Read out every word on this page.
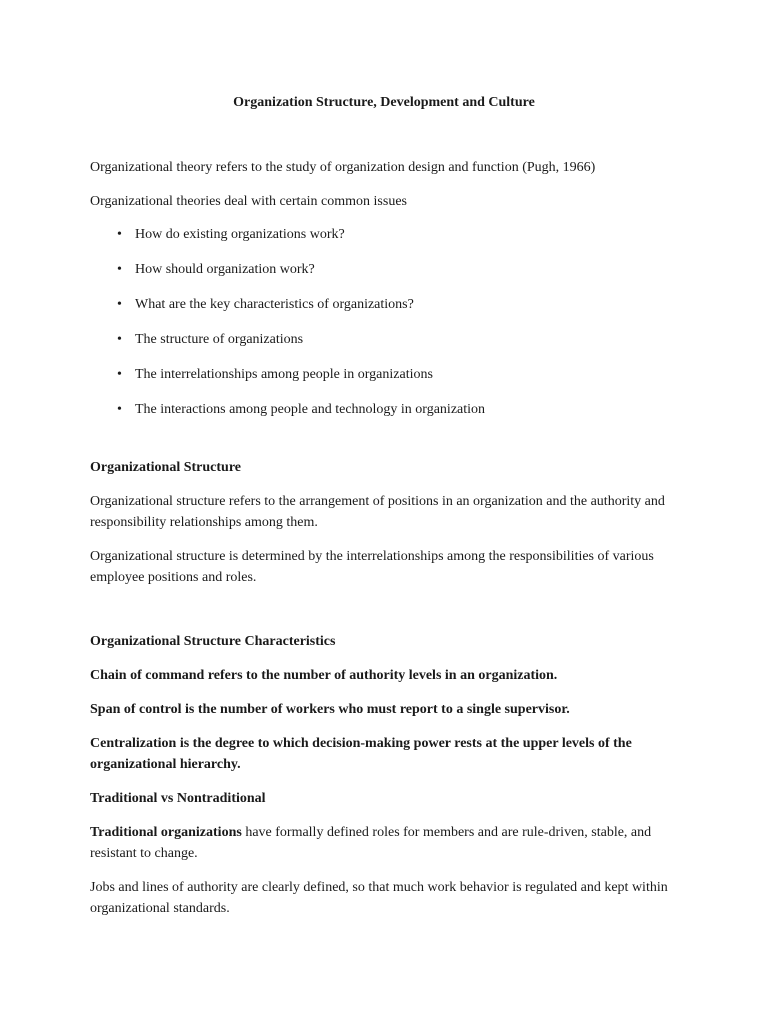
Organization Structure, Development and Culture

Organizational theory refers to the study of organization design and function (Pugh, 1966)

Organizational theories deal with certain common issues

• How do existing organizations work?
• How should organization work?
• What are the key characteristics of organizations?
• The structure of organizations
• The interrelationships among people in organizations
• The interactions among people and technology in organization

Organizational Structure

Organizational structure refers to the arrangement of positions in an organization and the authority and responsibility relationships among them.

Organizational structure is determined by the interrelationships among the responsibilities of various employee positions and roles.

Organizational Structure Characteristics

Chain of command refers to the number of authority levels in an organization.

Span of control is the number of workers who must report to a single supervisor.

Centralization is the degree to which decision-making power rests at the upper levels of the organizational hierarchy.

Traditional vs Nontraditional

Traditional organizations have formally defined roles for members and are rule-driven, stable, and resistant to change.

Jobs and lines of authority are clearly defined, so that much work behavior is regulated and kept within organizational standards.
